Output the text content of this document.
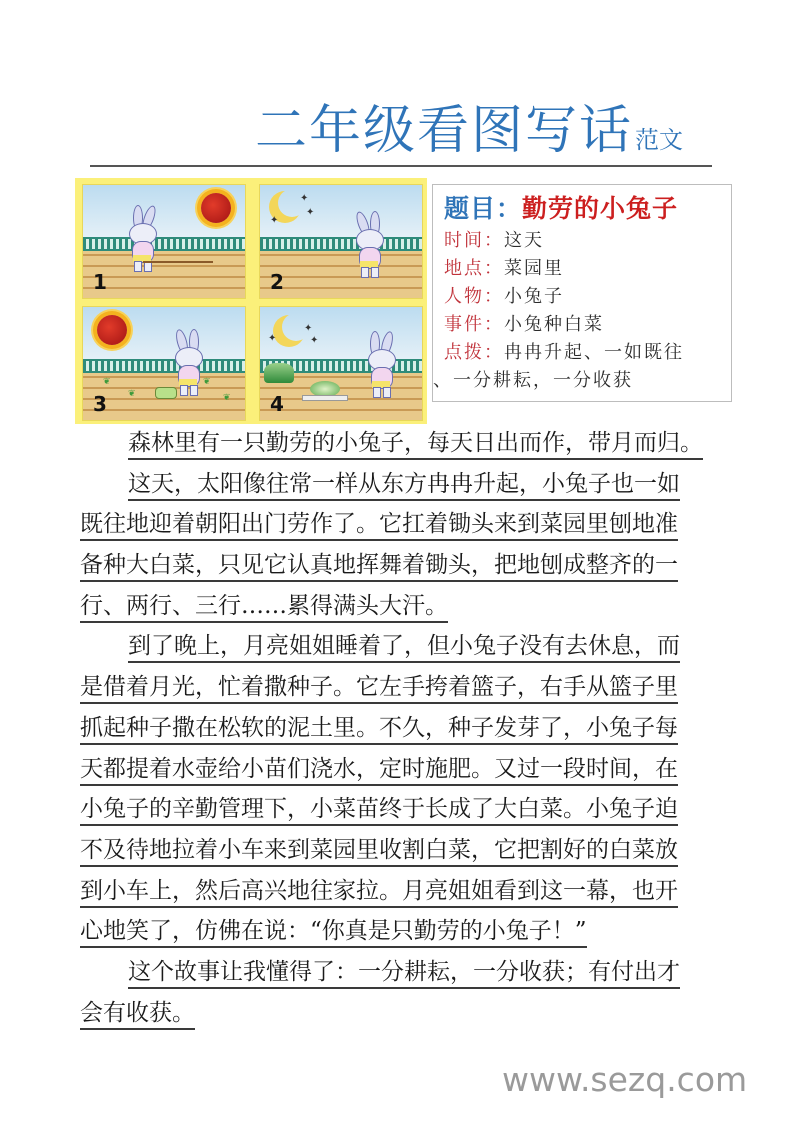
二年级看图写话范文
1
✦
✦
✦
2
❦
❦
❦
❦
3
✦
✦
✦
4
题目：勤劳的小兔子
时间：这天
地点：菜园里
人物：小兔子
事件：小兔种白菜
点拨：冉冉升起、一如既往
、一分耕耘，一分收获
森林里有一只勤劳的小兔子，每天日出而作，带月而归。
这天，太阳像往常一样从东方冉冉升起，小兔子也一如
既往地迎着朝阳出门劳作了。它扛着锄头来到菜园里刨地准
备种大白菜，只见它认真地挥舞着锄头，把地刨成整齐的一
行、两行、三行……累得满头大汗。
到了晚上，月亮姐姐睡着了，但小兔子没有去休息，而
是借着月光，忙着撒种子。它左手挎着篮子，右手从篮子里
抓起种子撒在松软的泥土里。不久，种子发芽了，小兔子每
天都提着水壶给小苗们浇水，定时施肥。又过一段时间，在
小兔子的辛勤管理下，小菜苗终于长成了大白菜。小兔子迫
不及待地拉着小车来到菜园里收割白菜，它把割好的白菜放
到小车上，然后高兴地往家拉。月亮姐姐看到这一幕，也开
心地笑了，仿佛在说：“你真是只勤劳的小兔子！”
这个故事让我懂得了：一分耕耘，一分收获；有付出才
会有收获。
www.sezq.com
